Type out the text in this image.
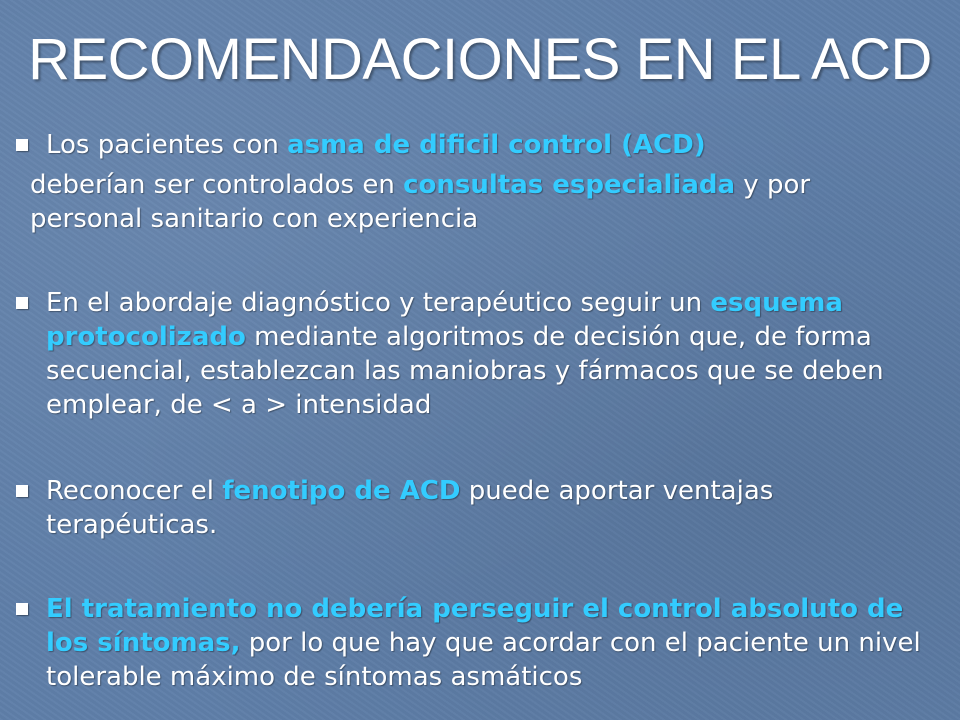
RECOMENDACIONES EN EL ACD
Los pacientes con asma de dificil control (ACD)
deberían ser controlados en consultas especialiada y por personal sanitario con experiencia
En el abordaje diagnóstico y terapéutico seguir un esquema protocolizado mediante algoritmos de decisión que, de forma secuencial, establezcan las maniobras y fármacos que se deben emplear, de < a > intensidad
Reconocer el fenotipo de ACD puede aportar ventajas terapéuticas.
El tratamiento no debería perseguir el control absoluto de los síntomas, por lo que hay que acordar con el paciente un nivel tolerable máximo de síntomas asmáticos
